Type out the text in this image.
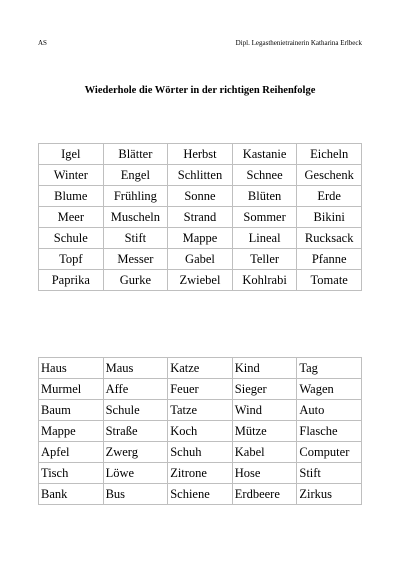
AS	Dipl. Legasthenietrainerin Katharina Erlbeck
Wiederhole die Wörter in der richtigen Reihenfolge
Igel	Blätter	Herbst	Kastanie	Eicheln
Winter	Engel	Schlitten	Schnee	Geschenk
Blume	Frühling	Sonne	Blüten	Erde
Meer	Muscheln	Strand	Sommer	Bikini
Schule	Stift	Mappe	Lineal	Rucksack
Topf	Messer	Gabel	Teller	Pfanne
Paprika	Gurke	Zwiebel	Kohlrabi	Tomate
Haus	Maus	Katze	Kind	Tag
Murmel	Affe	Feuer	Sieger	Wagen
Baum	Schule	Tatze	Wind	Auto
Mappe	Straße	Koch	Mütze	Flasche
Apfel	Zwerg	Schuh	Kabel	Computer
Tisch	Löwe	Zitrone	Hose	Stift
Bank	Bus	Schiene	Erdbeere	Zirkus
